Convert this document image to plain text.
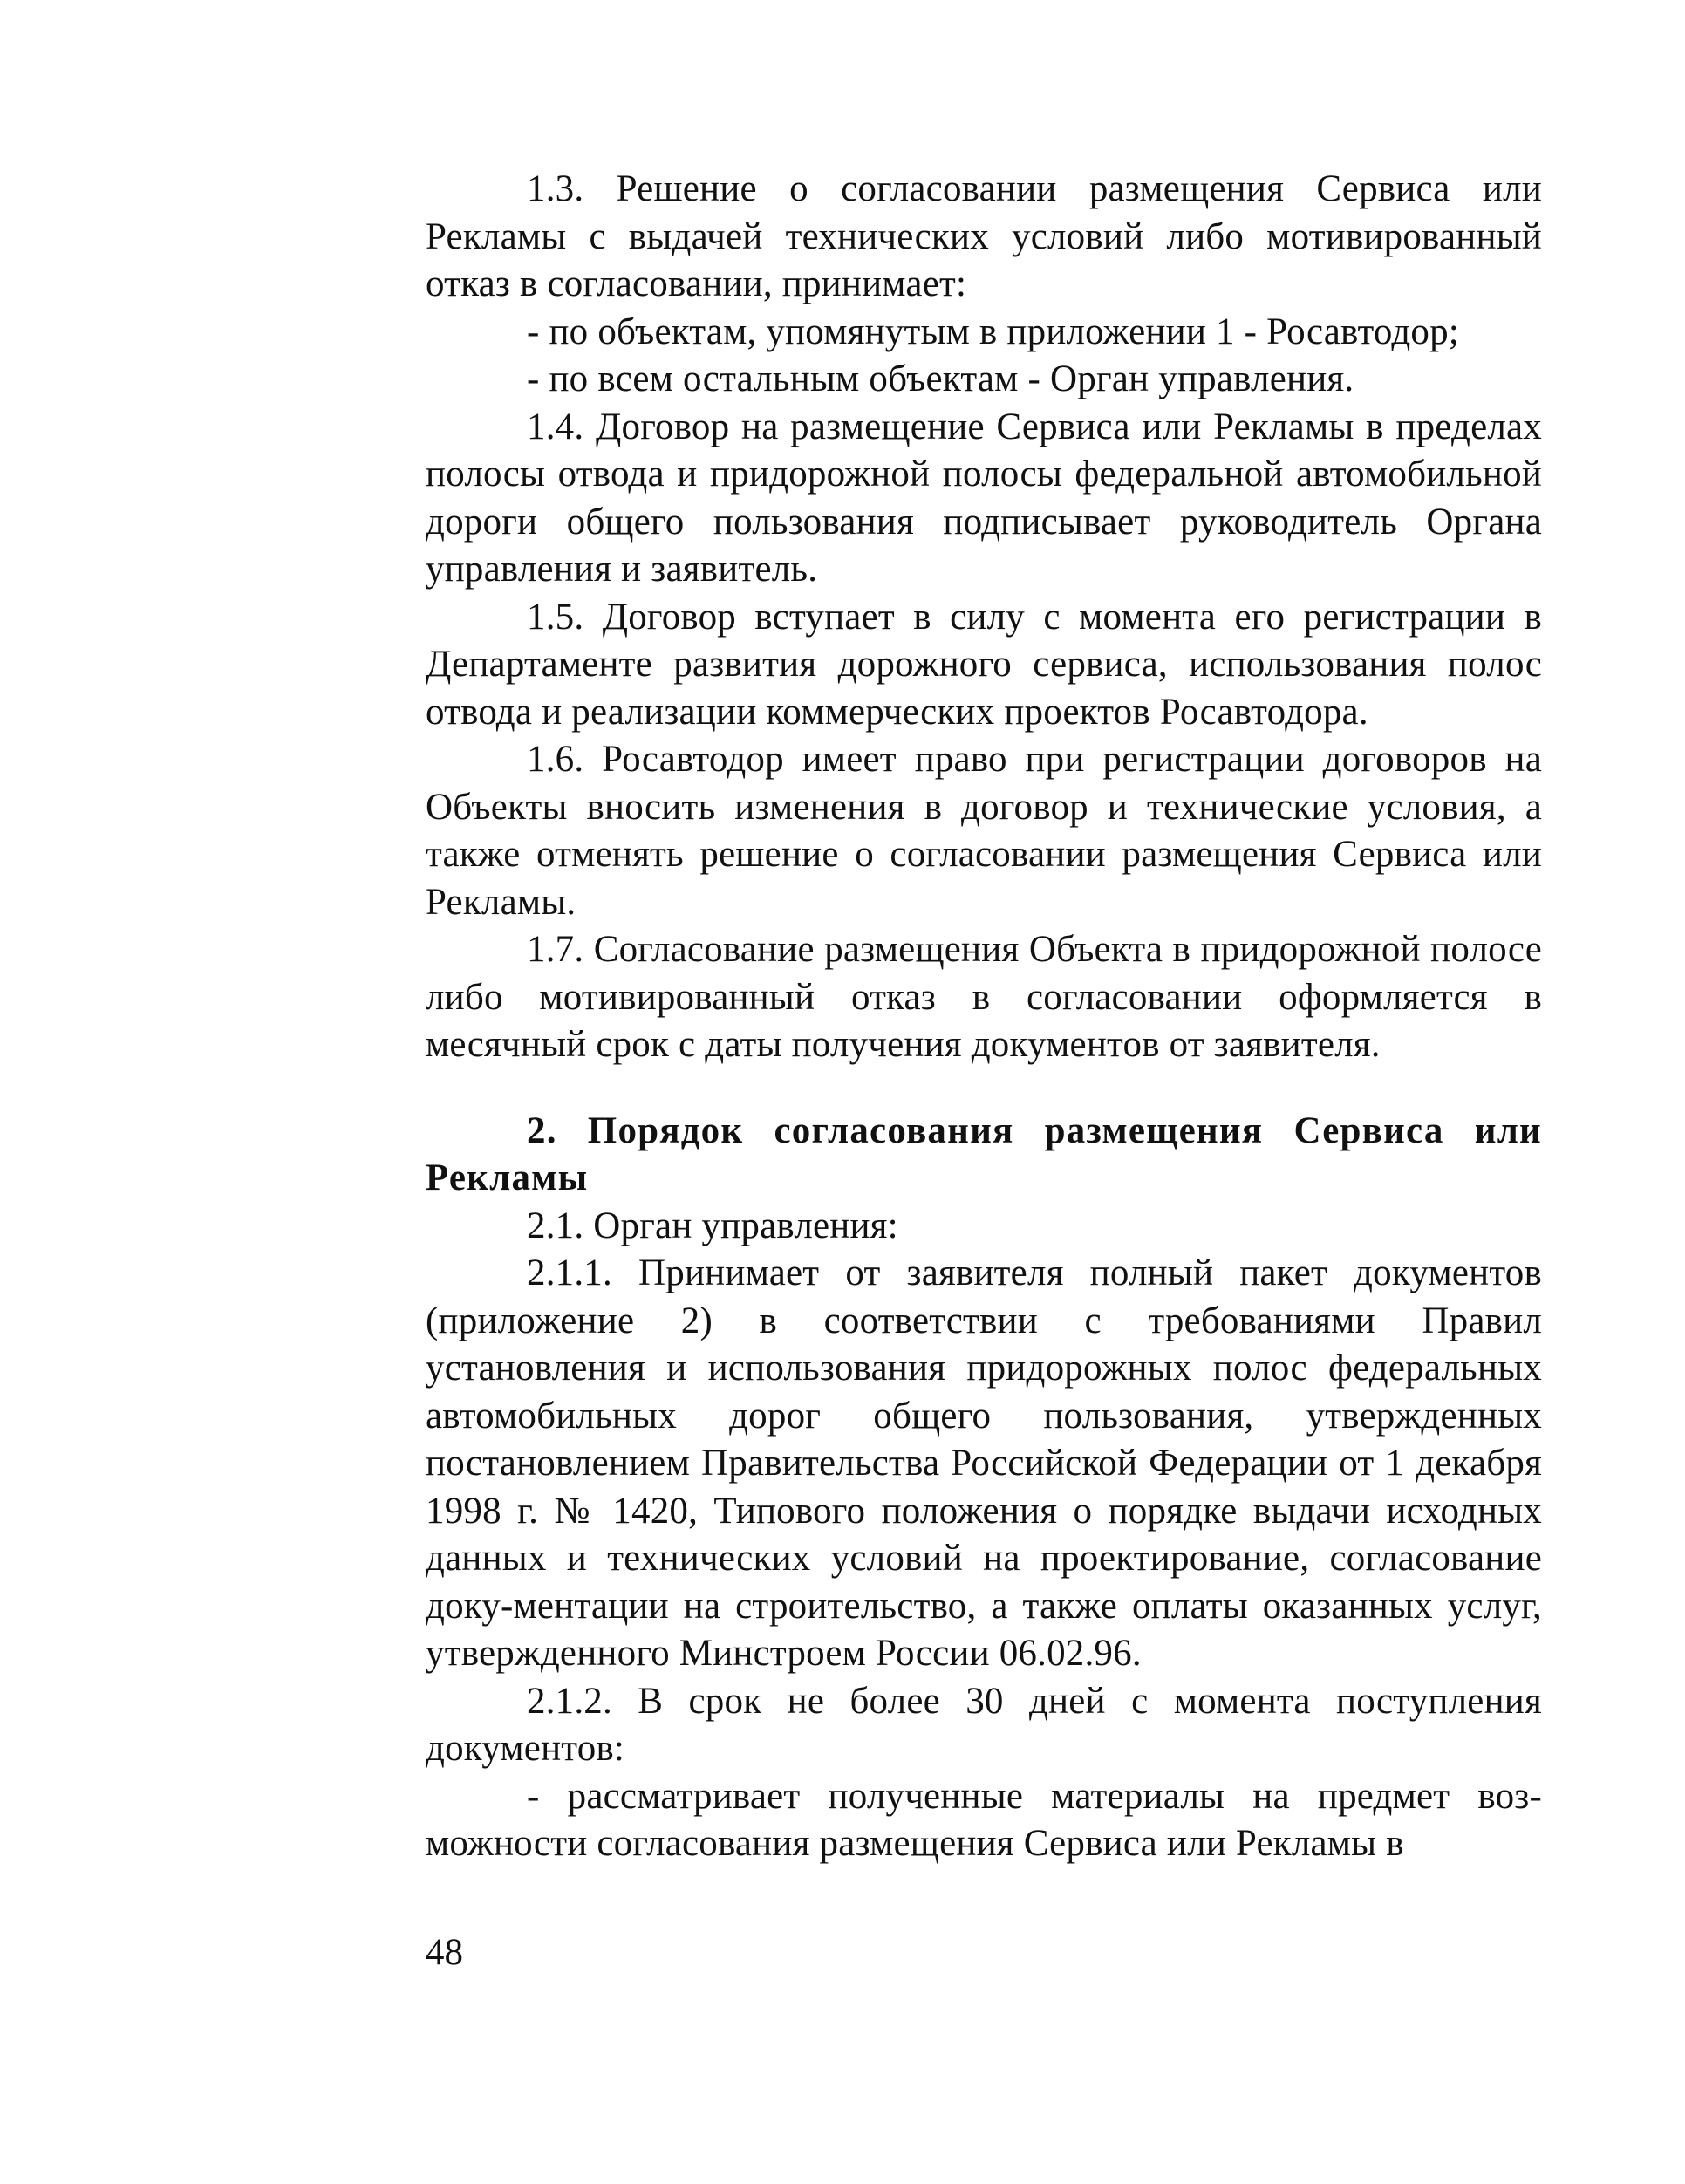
1.3. Решение о согласовании размещения Сервиса или Рекламы с выдачей технических условий либо мотивированный отказ в согласовании, принимает:

- по объектам, упомянутым в приложении 1 - Росавтодор;

- по всем остальным объектам - Орган управления.

1.4. Договор на размещение Сервиса или Рекламы в пределах полосы отвода и придорожной полосы федеральной автомобильной дороги общего пользования подписывает руководитель Органа управления и заявитель.

1.5. Договор вступает в силу с момента его регистрации в Департаменте развития дорожного сервиса, использования полос отвода и реализации коммерческих проектов Росавтодора.

1.6. Росавтодор имеет право при регистрации договоров на Объекты вносить изменения в договор и технические условия, а также отменять решение о согласовании размещения Сервиса или Рекламы.

1.7. Согласование размещения Объекта в придорожной полосе либо мотивированный отказ в согласовании оформляется в месячный срок с даты получения документов от заявителя.

2. Порядок согласования размещения Сервиса или Рекламы

2.1. Орган управления:

2.1.1. Принимает от заявителя полный пакет документов (приложение 2) в соответствии с требованиями Правил установления и использования придорожных полос федеральных автомобильных дорог общего пользования, утвержденных постановлением Правительства Российской Федерации от 1 декабря 1998 г. № 1420, Типового положения о порядке выдачи исходных данных и технических условий на проектирование, согласование доку-ментации на строительство, а также оплаты оказанных услуг, утвержденного Минстроем России 06.02.96.

2.1.2. В срок не более 30 дней с момента поступления документов:

- рассматривает полученные материалы на предмет воз-можности согласования размещения Сервиса или Рекламы в

48
